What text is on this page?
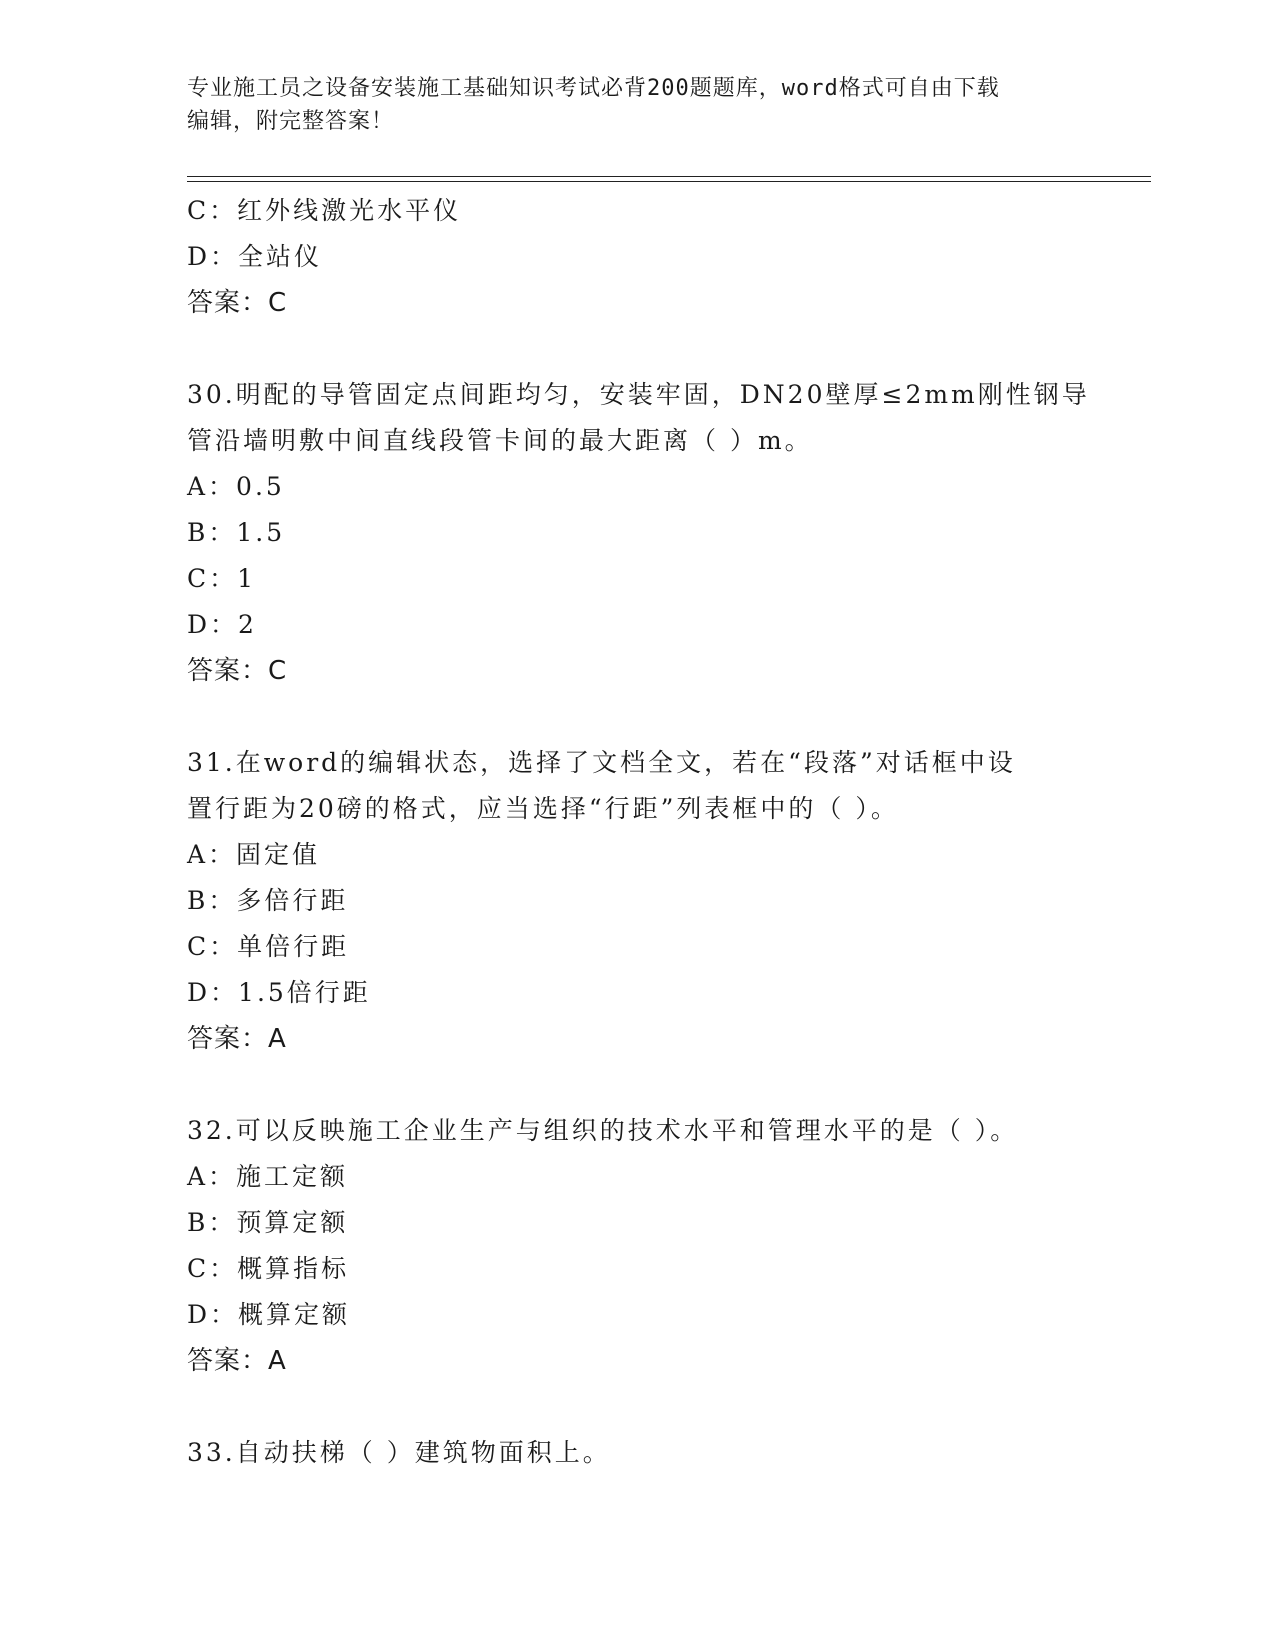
专业施工员之设备安装施工基础知识考试必背200题题库，word格式可自由下载
编辑，附完整答案！
C：红外线激光水平仪
D：全站仪
答案：C
30.明配的导管固定点间距均匀，安装牢固，DN20壁厚≤2mm刚性钢导
管沿墙明敷中间直线段管卡间的最大距离（ ）m。
A：0.5
B：1.5
C：1
D：2
答案：C
31.在word的编辑状态，选择了文档全文，若在“段落”对话框中设
置行距为20磅的格式，应当选择“行距”列表框中的（ ）。
A：固定值
B：多倍行距
C：单倍行距
D：1.5倍行距
答案：A
32.可以反映施工企业生产与组织的技术水平和管理水平的是（ ）。
A：施工定额
B：预算定额
C：概算指标
D：概算定额
答案：A
33.自动扶梯（ ）建筑物面积上。
